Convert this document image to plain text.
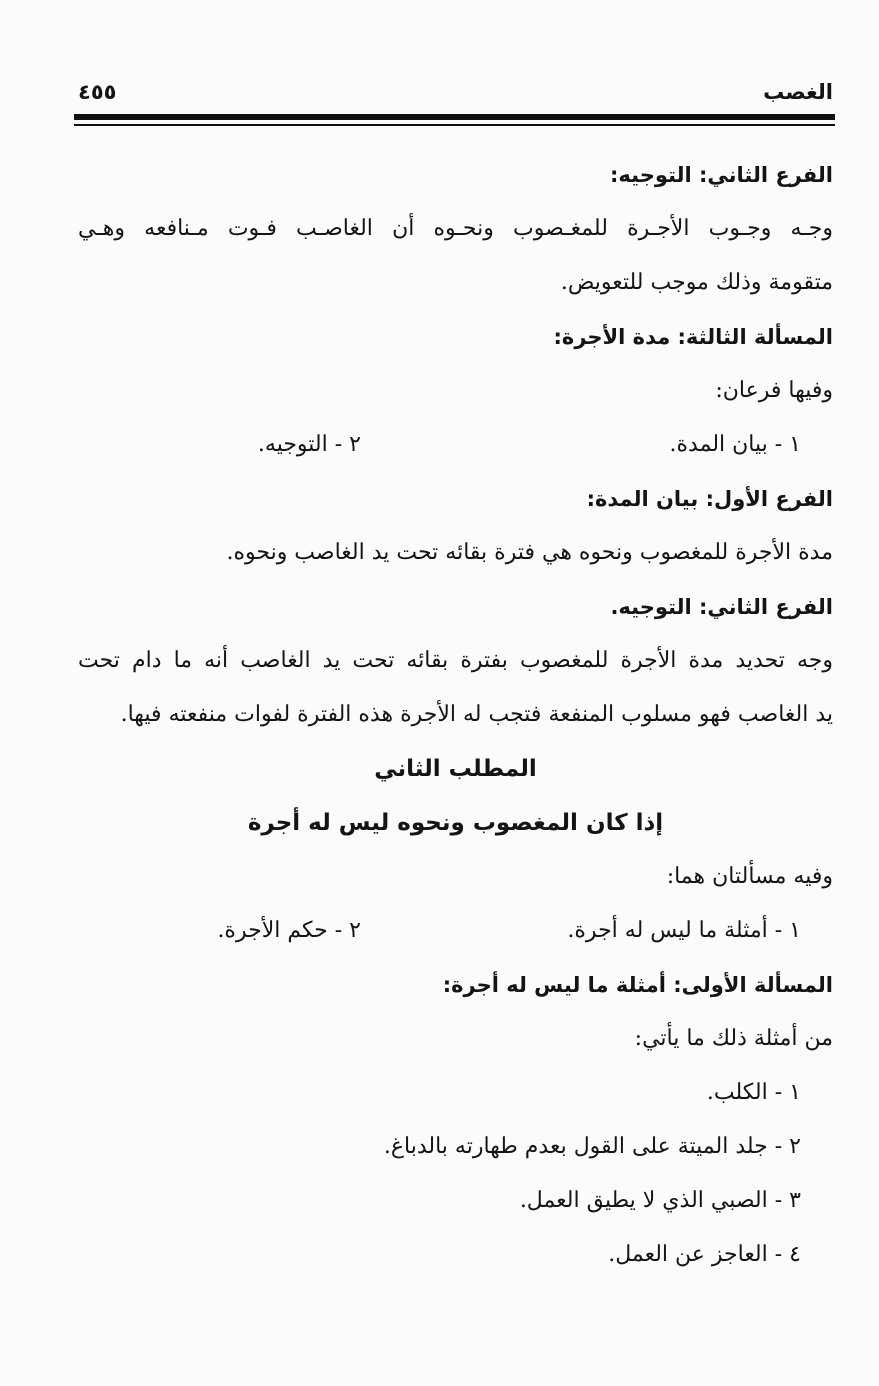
الغصب
٤٥٥
الفرع الثاني: التوجيه:
وجـه وجـوب الأجـرة للمغـصوب ونحـوه أن الغاصـب فـوت مـنافعه وهـي
متقومة وذلك موجب للتعويض.
المسألة الثالثة: مدة الأجرة:
وفيها فرعان:
١ - بيان المدة.
٢ - التوجيه.
الفرع الأول: بيان المدة:
مدة الأجرة للمغصوب ونحوه هي فترة بقائه تحت يد الغاصب ونحوه.
الفرع الثاني: التوجيه.
وجه تحديد مدة الأجرة للمغصوب بفترة بقائه تحت يد الغاصب أنه ما دام تحت
يد الغاصب فهو مسلوب المنفعة فتجب له الأجرة هذه الفترة لفوات منفعته فيها.
المطلب الثاني
إذا كان المغصوب ونحوه ليس له أجرة
وفيه مسألتان هما:
١ - أمثلة ما ليس له أجرة.
٢ - حكم الأجرة.
المسألة الأولى: أمثلة ما ليس له أجرة:
من أمثلة ذلك ما يأتي:
١ - الكلب.
٢ - جلد الميتة على القول بعدم طهارته بالدباغ.
٣ - الصبي الذي لا يطيق العمل.
٤ - العاجز عن العمل.
